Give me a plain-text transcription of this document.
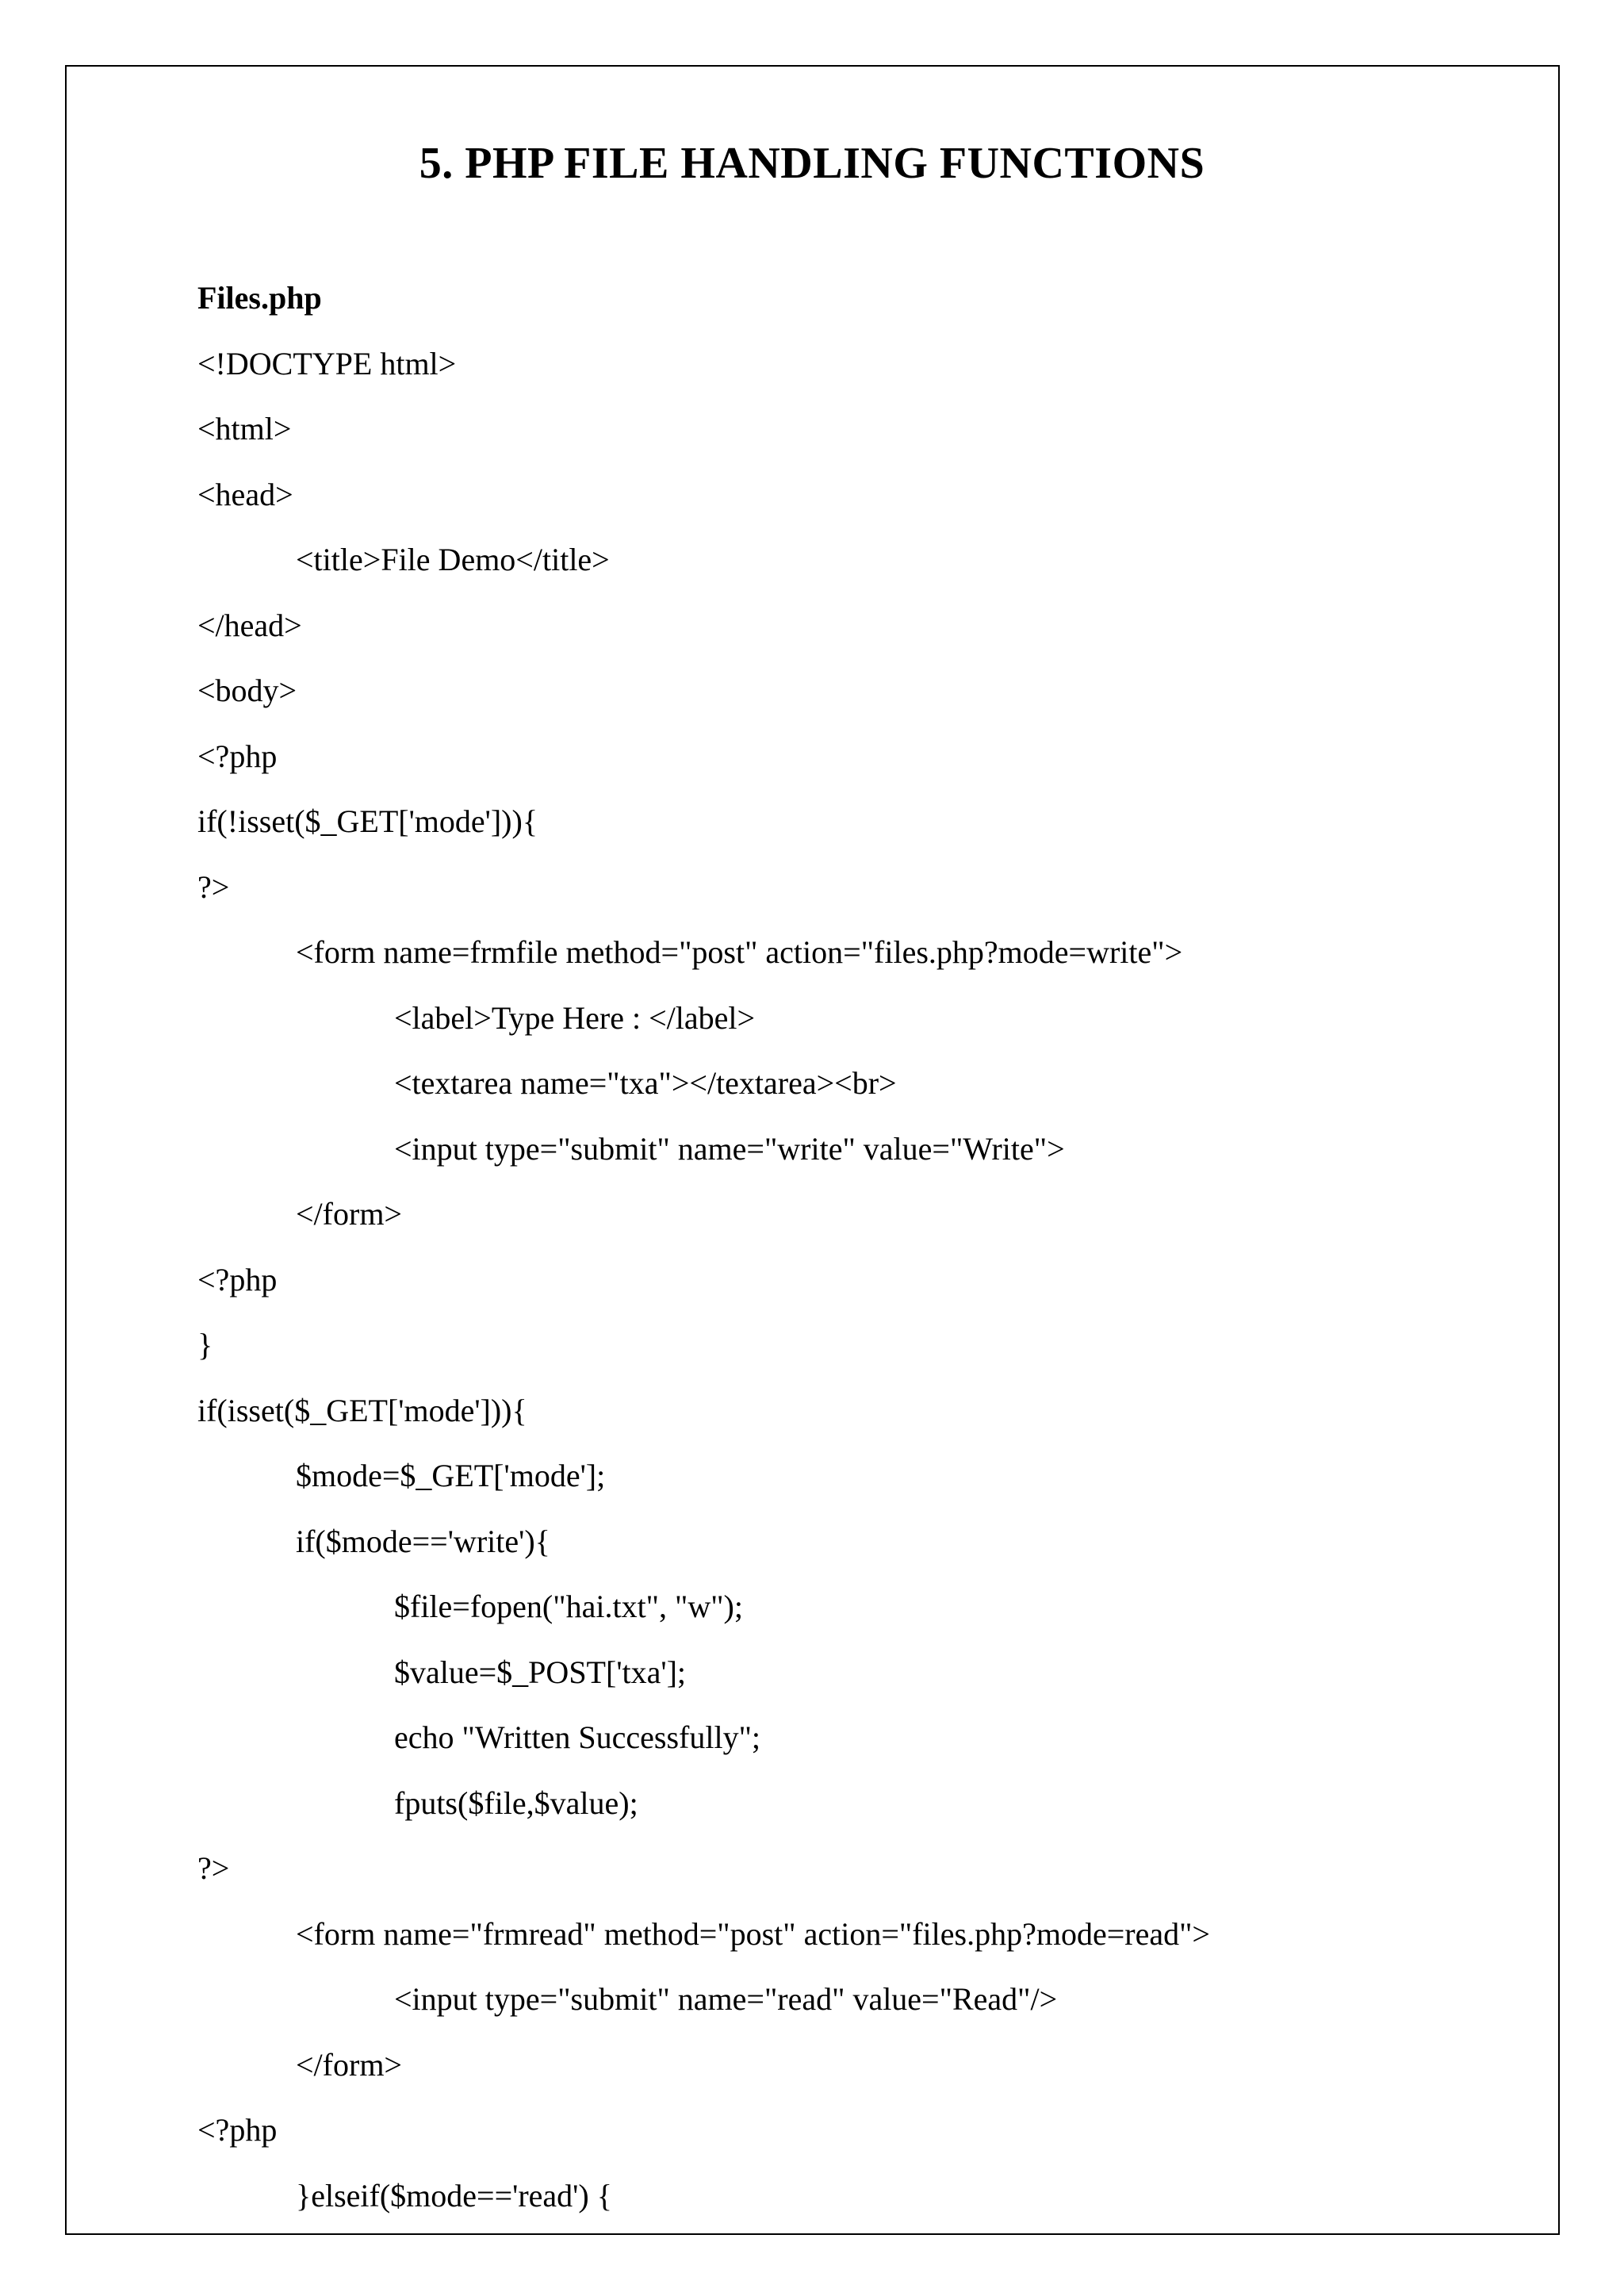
5. PHP FILE HANDLING FUNCTIONS
Files.php
<!DOCTYPE html>
<html>
<head>
<title>File Demo</title>
</head>
<body>
<?php
if(!isset($_GET['mode'])){
?>
<form name=frmfile method="post" action="files.php?mode=write">
<label>Type Here : </label>
<textarea name="txa"></textarea><br>
<input type="submit" name="write" value="Write">
</form>
<?php
}
if(isset($_GET['mode'])){
$mode=$_GET['mode'];
if($mode=='write'){
$file=fopen("hai.txt", "w");
$value=$_POST['txa'];
echo "Written Successfully";
fputs($file,$value);
?>
<form name="frmread" method="post" action="files.php?mode=read">
<input type="submit" name="read" value="Read"/>
</form>
<?php
}elseif($mode=='read') {
